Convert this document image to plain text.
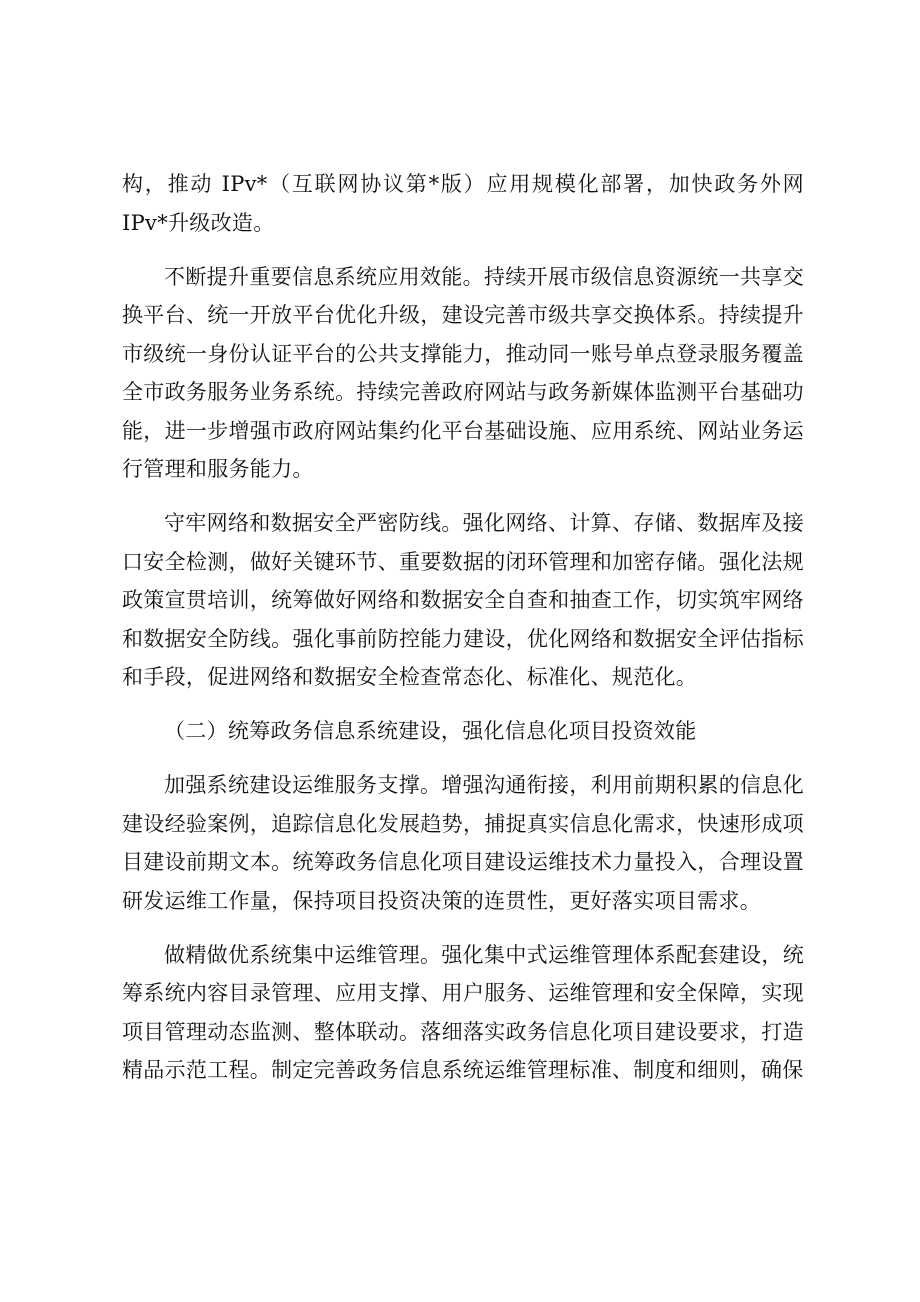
构，推动 IPv*（互联网协议第*版）应用规模化部署，加快政务外网 IPv*升级改造。

不断提升重要信息系统应用效能。持续开展市级信息资源统一共享交换平台、统一开放平台优化升级，建设完善市级共享交换体系。持续提升市级统一身份认证平台的公共支撑能力，推动同一账号单点登录服务覆盖全市政务服务业务系统。持续完善政府网站与政务新媒体监测平台基础功能，进一步增强市政府网站集约化平台基础设施、应用系统、网站业务运行管理和服务能力。

守牢网络和数据安全严密防线。强化网络、计算、存储、数据库及接口安全检测，做好关键环节、重要数据的闭环管理和加密存储。强化法规政策宣贯培训，统筹做好网络和数据安全自查和抽查工作，切实筑牢网络和数据安全防线。强化事前防控能力建设，优化网络和数据安全评估指标和手段，促进网络和数据安全检查常态化、标准化、规范化。

（二）统筹政务信息系统建设，强化信息化项目投资效能

加强系统建设运维服务支撑。增强沟通衔接，利用前期积累的信息化建设经验案例，追踪信息化发展趋势，捕捉真实信息化需求，快速形成项目建设前期文本。统筹政务信息化项目建设运维技术力量投入，合理设置研发运维工作量，保持项目投资决策的连贯性，更好落实项目需求。

做精做优系统集中运维管理。强化集中式运维管理体系配套建设，统筹系统内容目录管理、应用支撑、用户服务、运维管理和安全保障，实现项目管理动态监测、整体联动。落细落实政务信息化项目建设要求，打造精品示范工程。制定完善政务信息系统运维管理标准、制度和细则，确保
